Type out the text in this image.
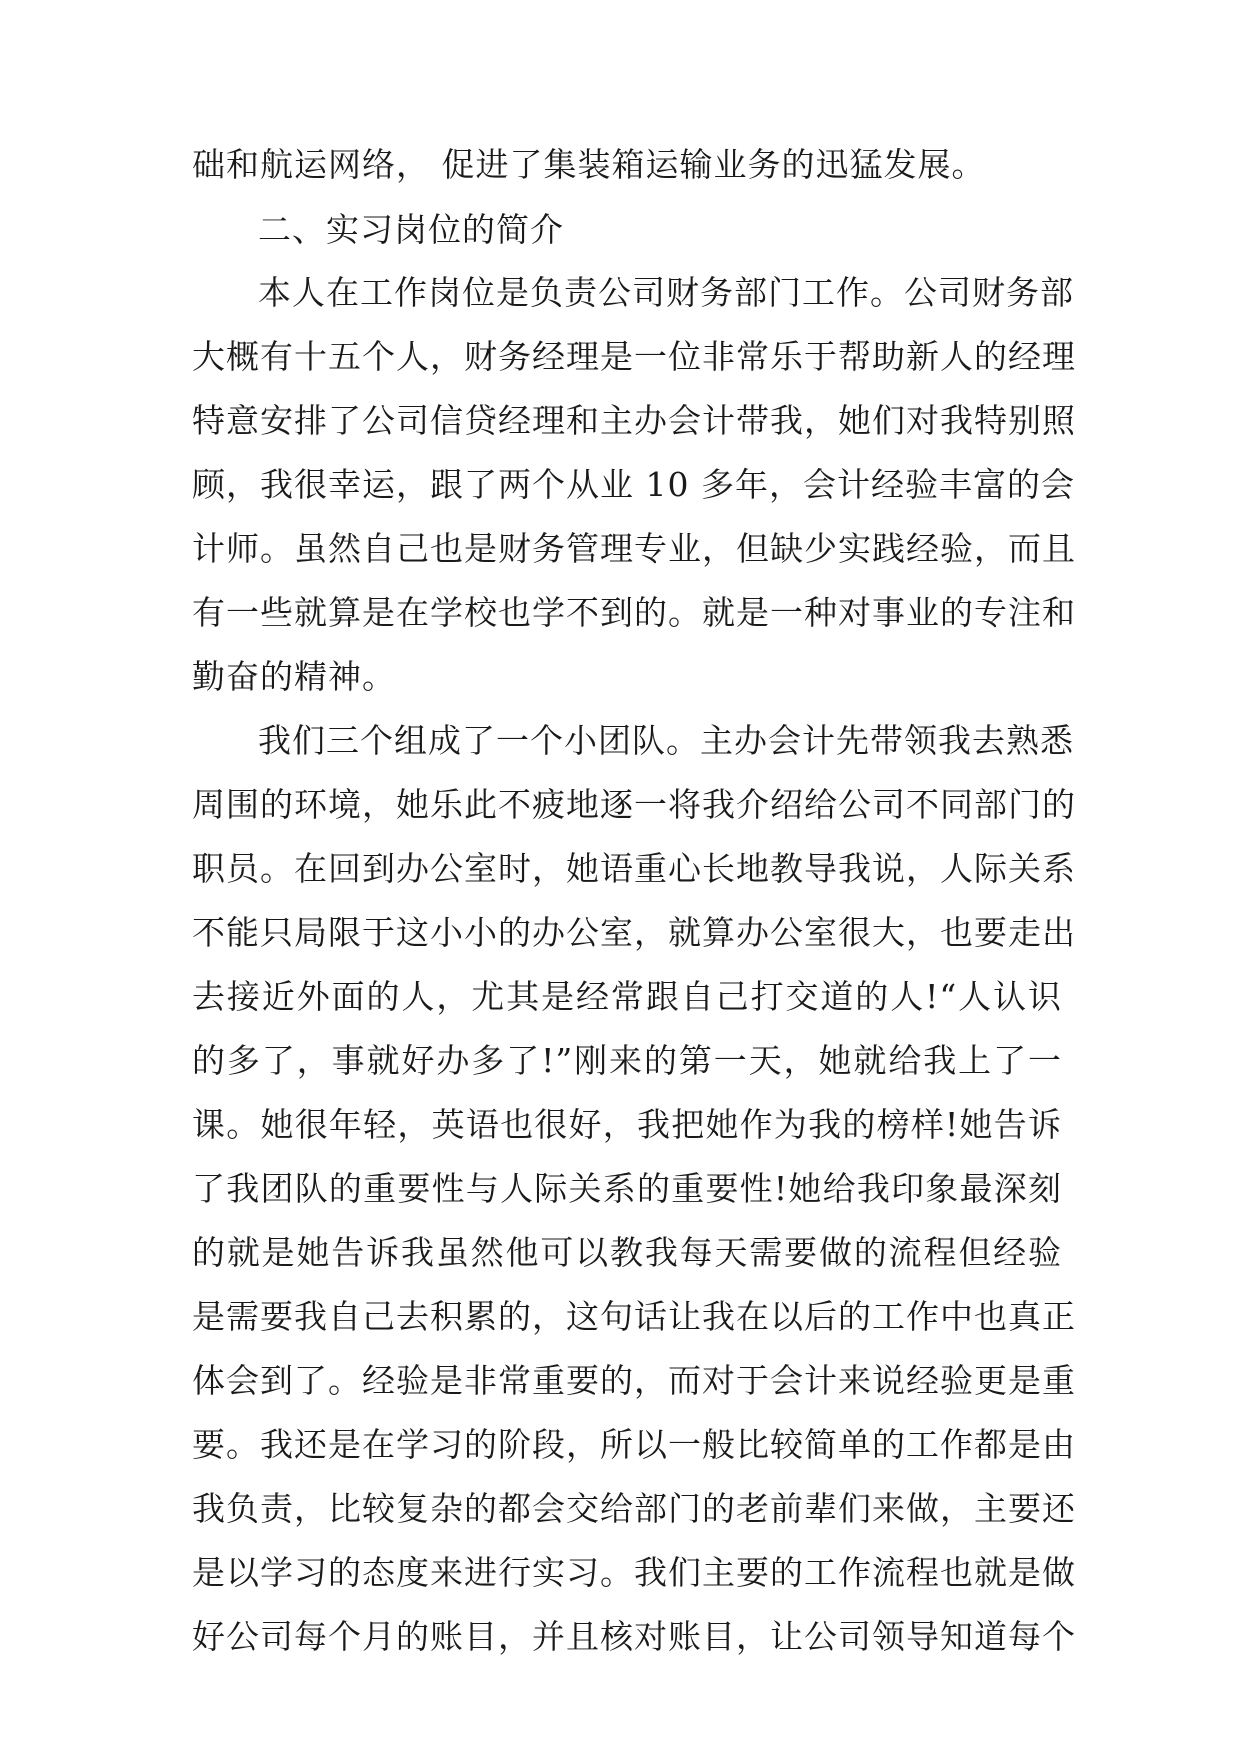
础和航运网络， 促进了集装箱运输业务的迅猛发展。
二、实习岗位的简介
本人在工作岗位是负责公司财务部门工作。公司财务部
大概有十五个人，财务经理是一位非常乐于帮助新人的经理
特意安排了公司信贷经理和主办会计带我，她们对我特别照
顾，我很幸运，跟了两个从业 10 多年，会计经验丰富的会
计师。虽然自己也是财务管理专业，但缺少实践经验，而且
有一些就算是在学校也学不到的。就是一种对事业的专注和
勤奋的精神。
我们三个组成了一个小团队。主办会计先带领我去熟悉
周围的环境，她乐此不疲地逐一将我介绍给公司不同部门的
职员。在回到办公室时，她语重心长地教导我说，人际关系
不能只局限于这小小的办公室，就算办公室很大，也要走出
去接近外面的人，尤其是经常跟自己打交道的人!“人认识
的多了，事就好办多了!”刚来的第一天，她就给我上了一
课。她很年轻，英语也很好，我把她作为我的榜样!她告诉
了我团队的重要性与人际关系的重要性!她给我印象最深刻
的就是她告诉我虽然他可以教我每天需要做的流程但经验
是需要我自己去积累的，这句话让我在以后的工作中也真正
体会到了。经验是非常重要的，而对于会计来说经验更是重
要。我还是在学习的阶段，所以一般比较简单的工作都是由
我负责，比较复杂的都会交给部门的老前辈们来做，主要还
是以学习的态度来进行实习。我们主要的工作流程也就是做
好公司每个月的账目，并且核对账目，让公司领导知道每个
